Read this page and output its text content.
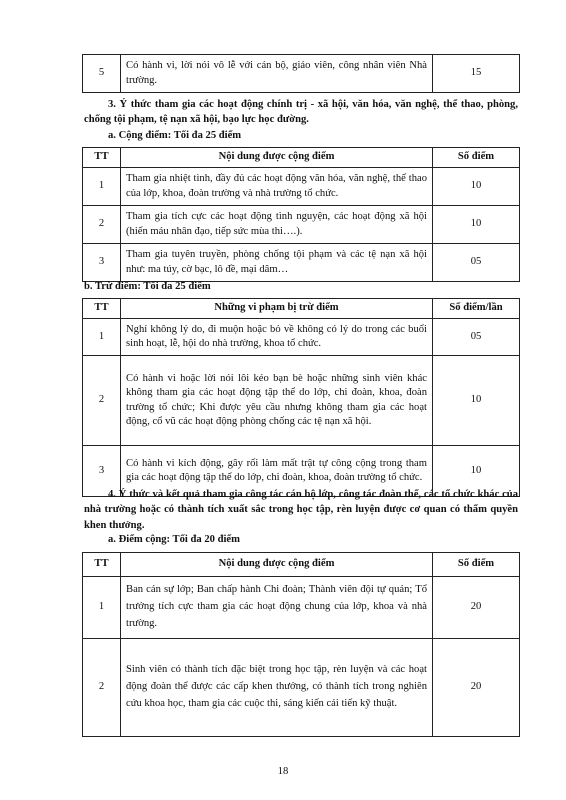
5	Có hành vi, lời nói vô lễ với cán bộ, giáo viên, công nhân viên Nhà trường.	15
3. Ý thức tham gia các hoạt động chính trị - xã hội, văn hóa, văn nghệ, thể thao, phòng, chống tội phạm, tệ nạn xã hội, bạo lực học đường.
a. Cộng điểm: Tối đa 25 điểm
TT	Nội dung được cộng điểm	Số điểm
1	Tham gia nhiệt tình, đầy đủ các hoạt động văn hóa, văn nghệ, thể thao của lớp, khoa, đoàn trường và nhà trường tổ chức.	10
2	Tham gia tích cực các hoạt động tình nguyện, các hoạt động xã hội (hiến máu nhân đạo, tiếp sức mùa thi….).	10
3	Tham gia tuyên truyền, phòng chống tội phạm và các tệ nạn xã hội như: ma túy, cờ bạc, lô đề, mại dâm…	05
b. Trừ điểm: Tối đa 25 điểm
TT	Những vi phạm bị trừ điểm	Số điểm/lần
1	Nghỉ không lý do, đi muộn hoặc bỏ về không có lý do trong các buổi sinh hoạt, lễ, hội do nhà trường, khoa tổ chức.	05
2	Có hành vi hoặc lời nói lôi kéo bạn bè hoặc những sinh viên khác không tham gia các hoạt động tập thể do lớp, chi đoàn, khoa, đoàn trường tổ chức; Khi được yêu cầu nhưng không tham gia các hoạt động, cổ vũ các hoạt động phòng chống các tệ nạn xã hội.	10
3	Có hành vi kích động, gây rối làm mất trật tự công cộng trong tham gia các hoạt động tập thể do lớp, chi đoàn, khoa, đoàn trường tổ chức.	10
4. Ý thức và kết quả tham gia công tác cán bộ lớp, công tác đoàn thể, các tổ chức khác của nhà trường hoặc có thành tích xuất sắc trong học tập, rèn luyện được cơ quan có thẩm quyền khen thưởng.
a. Điểm cộng: Tối đa 20 điểm
TT	Nội dung được cộng điểm	Số điểm
1	Ban cán sự lớp; Ban chấp hành Chi đoàn; Thành viên đội tự quản; Tổ trưởng tích cực tham gia các hoạt động chung của lớp, khoa và nhà trường.	20
2	Sinh viên có thành tích đặc biệt trong học tập, rèn luyện và các hoạt động đoàn thể được các cấp khen thưởng, có thành tích trong nghiên cứu khoa học, tham gia các cuộc thi, sáng kiến cải tiến kỹ thuật.	20
18
